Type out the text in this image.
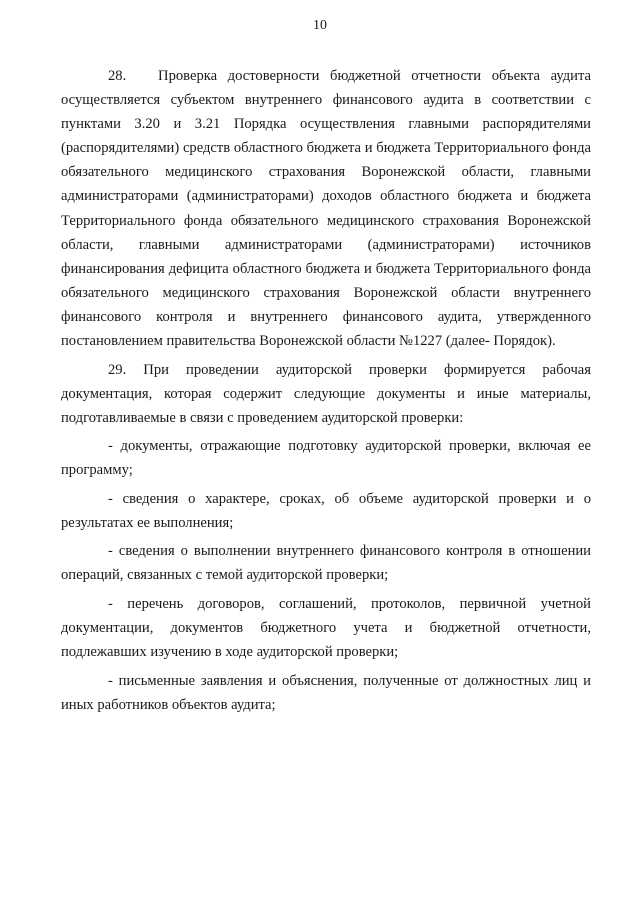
10

28.   Проверка достоверности бюджетной отчетности объекта аудита осуществляется субъектом внутреннего финансового аудита в соответствии с пунктами 3.20 и 3.21 Порядка осуществления главными распорядителями (распорядителями) средств областного бюджета и бюджета Территориального фонда обязательного медицинского страхования Воронежской области, главными администраторами (администраторами) доходов областного бюджета и бюджета Территориального фонда обязательного медицинского страхования Воронежской области, главными администраторами (администраторами) источников финансирования дефицита областного бюджета и бюджета Территориального фонда обязательного медицинского страхования Воронежской области внутреннего финансового контроля и внутреннего финансового аудита, утвержденного постановлением правительства Воронежской области №1227 (далее- Порядок).

29. При проведении аудиторской проверки формируется рабочая документация, которая содержит следующие документы и иные материалы, подготавливаемые в связи с проведением аудиторской проверки:

- документы, отражающие подготовку аудиторской проверки, включая ее программу;

- сведения о характере, сроках, об объеме аудиторской проверки и о результатах ее выполнения;

- сведения о выполнении внутреннего финансового контроля в отношении операций, связанных с темой аудиторской проверки;

- перечень договоров, соглашений, протоколов, первичной учетной документации, документов бюджетного учета и бюджетной отчетности, подлежавших изучению в ходе аудиторской проверки;

- письменные заявления и объяснения, полученные от должностных лиц и иных работников объектов аудита;
